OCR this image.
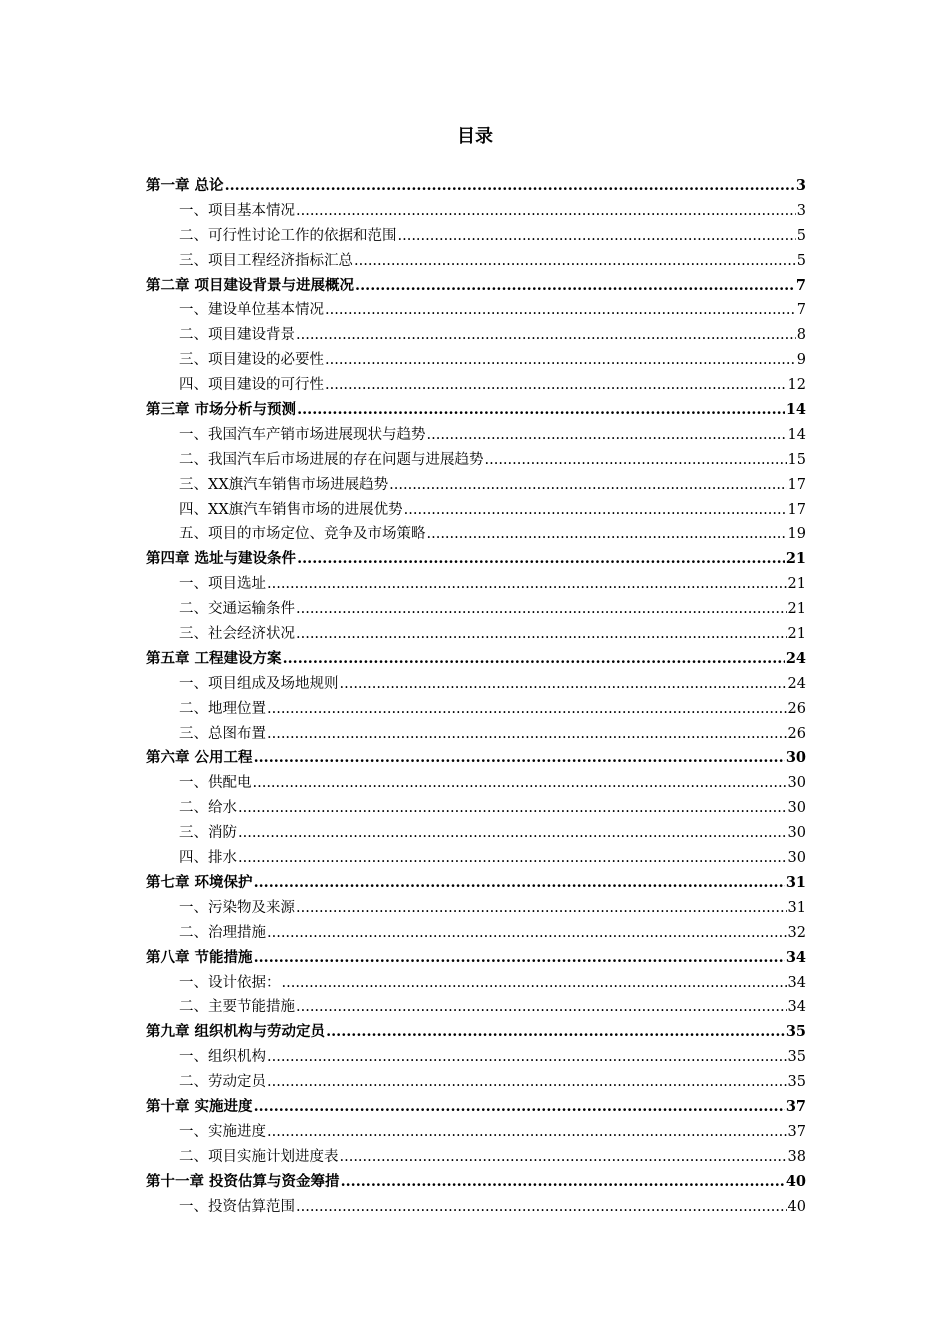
目录
第一章 总论 .....	3
一、项目基本情况 .....	3
二、可行性讨论工作的依据和范围 .....	5
三、项目工程经济指标汇总 .....	5
第二章 项目建设背景与进展概况 .....	7
一、建设单位基本情况 .....	7
二、项目建设背景 .....	8
三、项目建设的必要性 .....	9
四、项目建设的可行性 .....	12
第三章 市场分析与预测 .....	14
一、我国汽车产销市场进展现状与趋势 .....	14
二、我国汽车后市场进展的存在问题与进展趋势 .....	15
三、XX旗汽车销售市场进展趋势 .....	17
四、XX旗汽车销售市场的进展优势 .....	17
五、项目的市场定位、竞争及市场策略 .....	19
第四章 选址与建设条件 .....	21
一、项目选址 .....	21
二、交通运输条件 .....	21
三、社会经济状况 .....	21
第五章 工程建设方案 .....	24
一、项目组成及场地规则 .....	24
二、地理位置 .....	26
三、总图布置 .....	26
第六章 公用工程 .....	30
一、供配电 .....	30
二、给水 .....	30
三、消防 .....	30
四、排水 .....	30
第七章 环境保护 .....	31
一、污染物及来源 .....	31
二、治理措施 .....	32
第八章 节能措施 .....	34
一、设计依据： .....	34
二、主要节能措施 .....	34
第九章 组织机构与劳动定员 .....	35
一、组织机构 .....	35
二、劳动定员 .....	35
第十章 实施进度 .....	37
一、实施进度 .....	37
二、项目实施计划进度表 .....	38
第十一章 投资估算与资金筹措 .....	40
一、投资估算范围 .....	40
